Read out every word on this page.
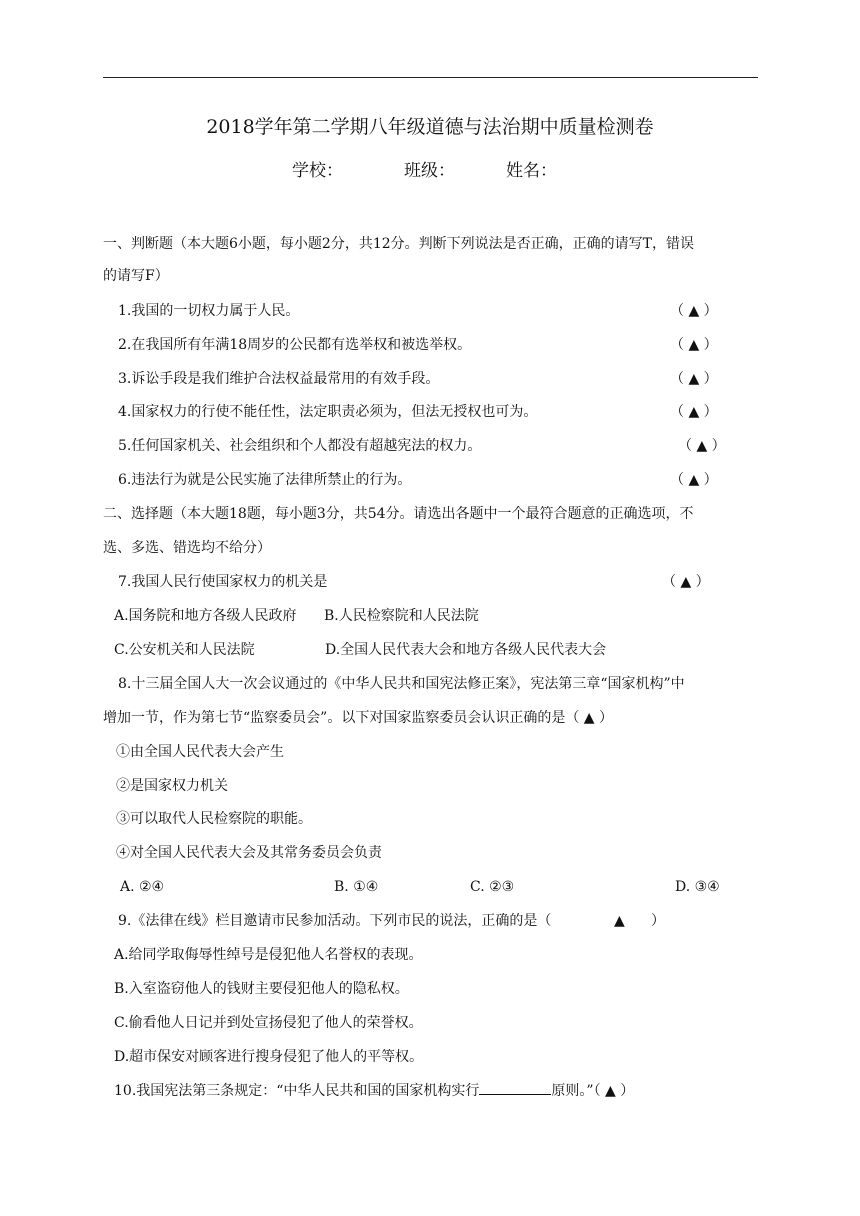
2018学年第二学期八年级道德与法治期中质量检测卷
学校：	班级：	姓名：
一、判断题（本大题6小题，每小题2分，共12分。判断下列说法是否正确，正确的请写T，错误
的请写F）
1.我国的一切权力属于人民。	（ ▲ ）
2.在我国所有年满18周岁的公民都有选举权和被选举权。	（ ▲ ）
3.诉讼手段是我们维护合法权益最常用的有效手段。	（ ▲ ）
4.国家权力的行使不能任性，法定职责必须为，但法无授权也可为。	（ ▲ ）
5.任何国家机关、社会组织和个人都没有超越宪法的权力。	（ ▲ ）
6.违法行为就是公民实施了法律所禁止的行为。	（ ▲ ）
二、选择题（本大题18题，每小题3分，共54分。请选出各题中一个最符合题意的正确选项，不
选、多选、错选均不给分）
7.我国人民行使国家权力的机关是	（ ▲ ）
A.国务院和地方各级人民政府 B.人民检察院和人民法院
C.公安机关和人民法院	D.全国人民代表大会和地方各级人民代表大会
8.十三届全国人大一次会议通过的《中华人民共和国宪法修正案》，宪法第三章“国家机构”中
增加一节，作为第七节“监察委员会”。以下对国家监察委员会认识正确的是（ ▲ ）
①由全国人民代表大会产生
②是国家权力机关
③可以取代人民检察院的职能。
④对全国人民代表大会及其常务委员会负责
A. ②④	B. ①④	C. ②③	D. ③④
9.《法律在线》栏目邀请市民参加活动。下列市民的说法，正确的是（	▲ ）
A.给同学取侮辱性绰号是侵犯他人名誉权的表现。
B.入室盗窃他人的钱财主要侵犯他人的隐私权。
C.偷看他人日记并到处宣扬侵犯了他人的荣誉权。
D.超市保安对顾客进行搜身侵犯了他人的平等权。
10.我国宪法第三条规定：“中华人民共和国的国家机构实行	原则。”（ ▲ ）
